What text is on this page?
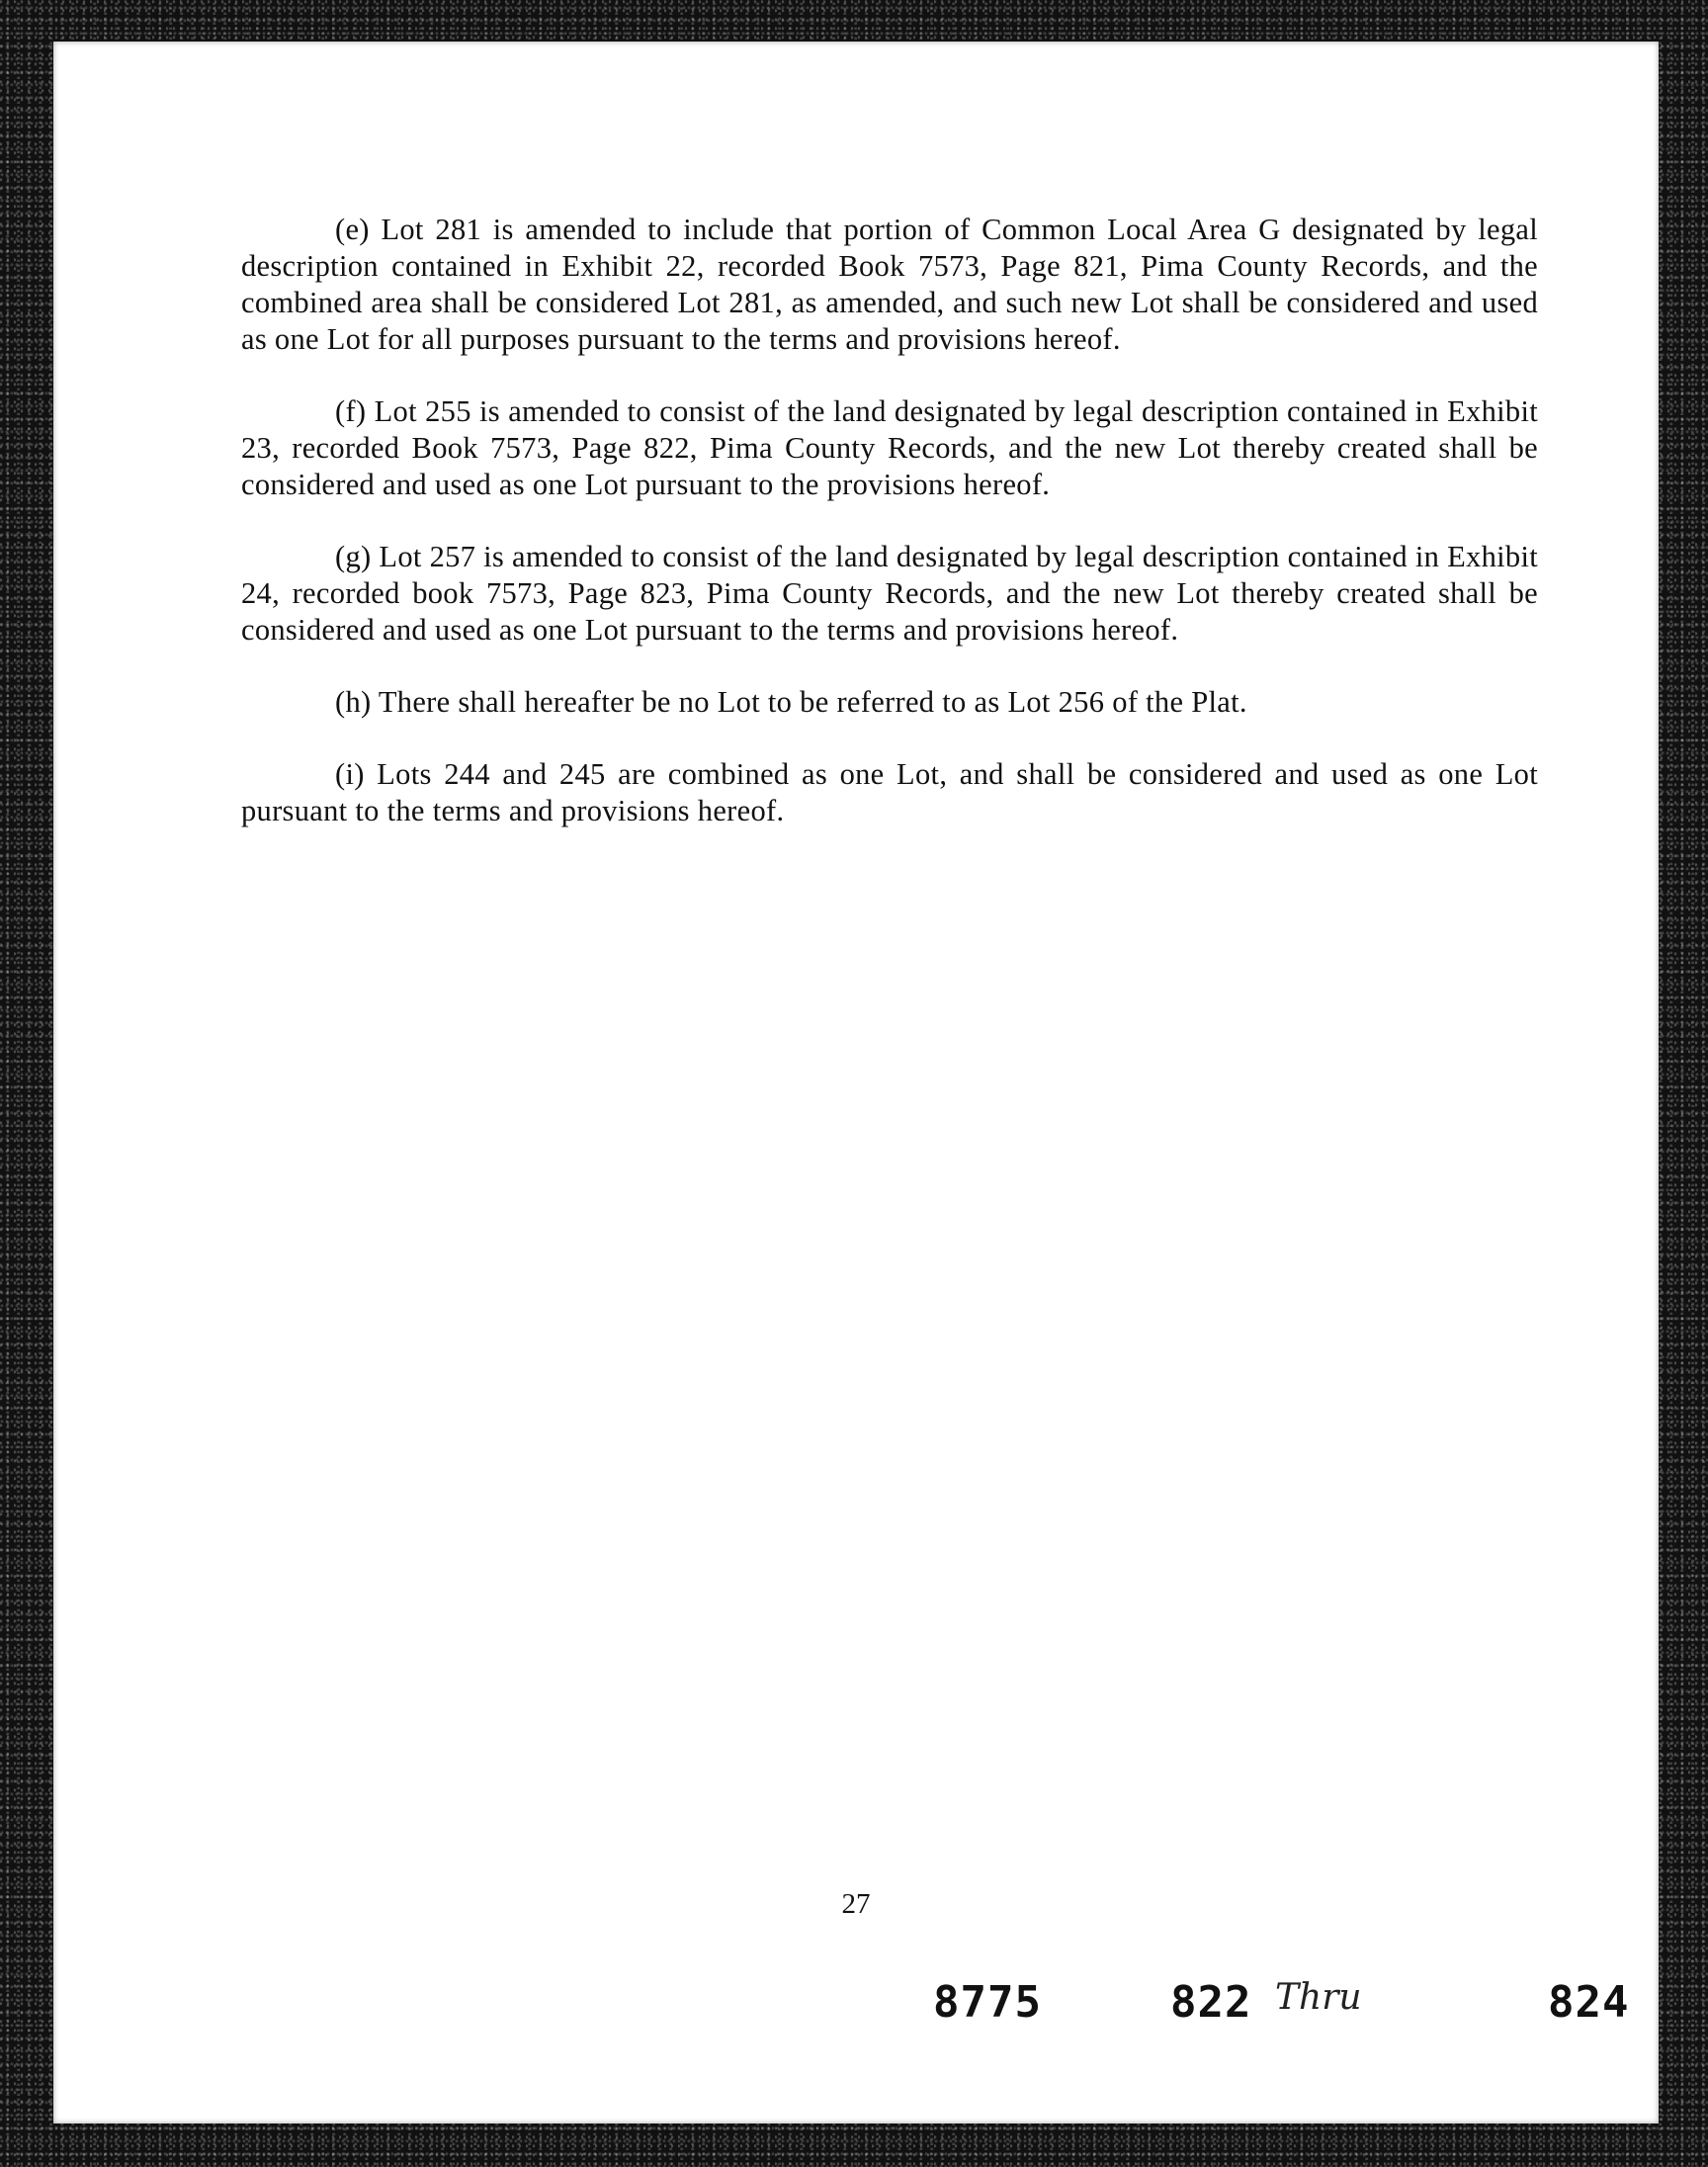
(e) Lot 281 is amended to include that portion of Common Local Area G designated by legal description contained in Exhibit 22, recorded Book 7573, Page 821, Pima County Records, and the combined area shall be considered Lot 281, as amended, and such new Lot shall be considered and used as one Lot for all purposes pursuant to the terms and provisions hereof.

(f) Lot 255 is amended to consist of the land designated by legal description contained in Exhibit 23, recorded Book 7573, Page 822, Pima County Records, and the new Lot thereby created shall be considered and used as one Lot pursuant to the provisions hereof.

(g) Lot 257 is amended to consist of the land designated by legal description contained in Exhibit 24, recorded book 7573, Page 823, Pima County Records, and the new Lot thereby created shall be considered and used as one Lot pursuant to the terms and provisions hereof.

(h) There shall hereafter be no Lot to be referred to as Lot 256 of the Plat.

(i) Lots 244 and 245 are combined as one Lot, and shall be considered and used as one Lot pursuant to the terms and provisions hereof.

27
8775	822 Thru	824
